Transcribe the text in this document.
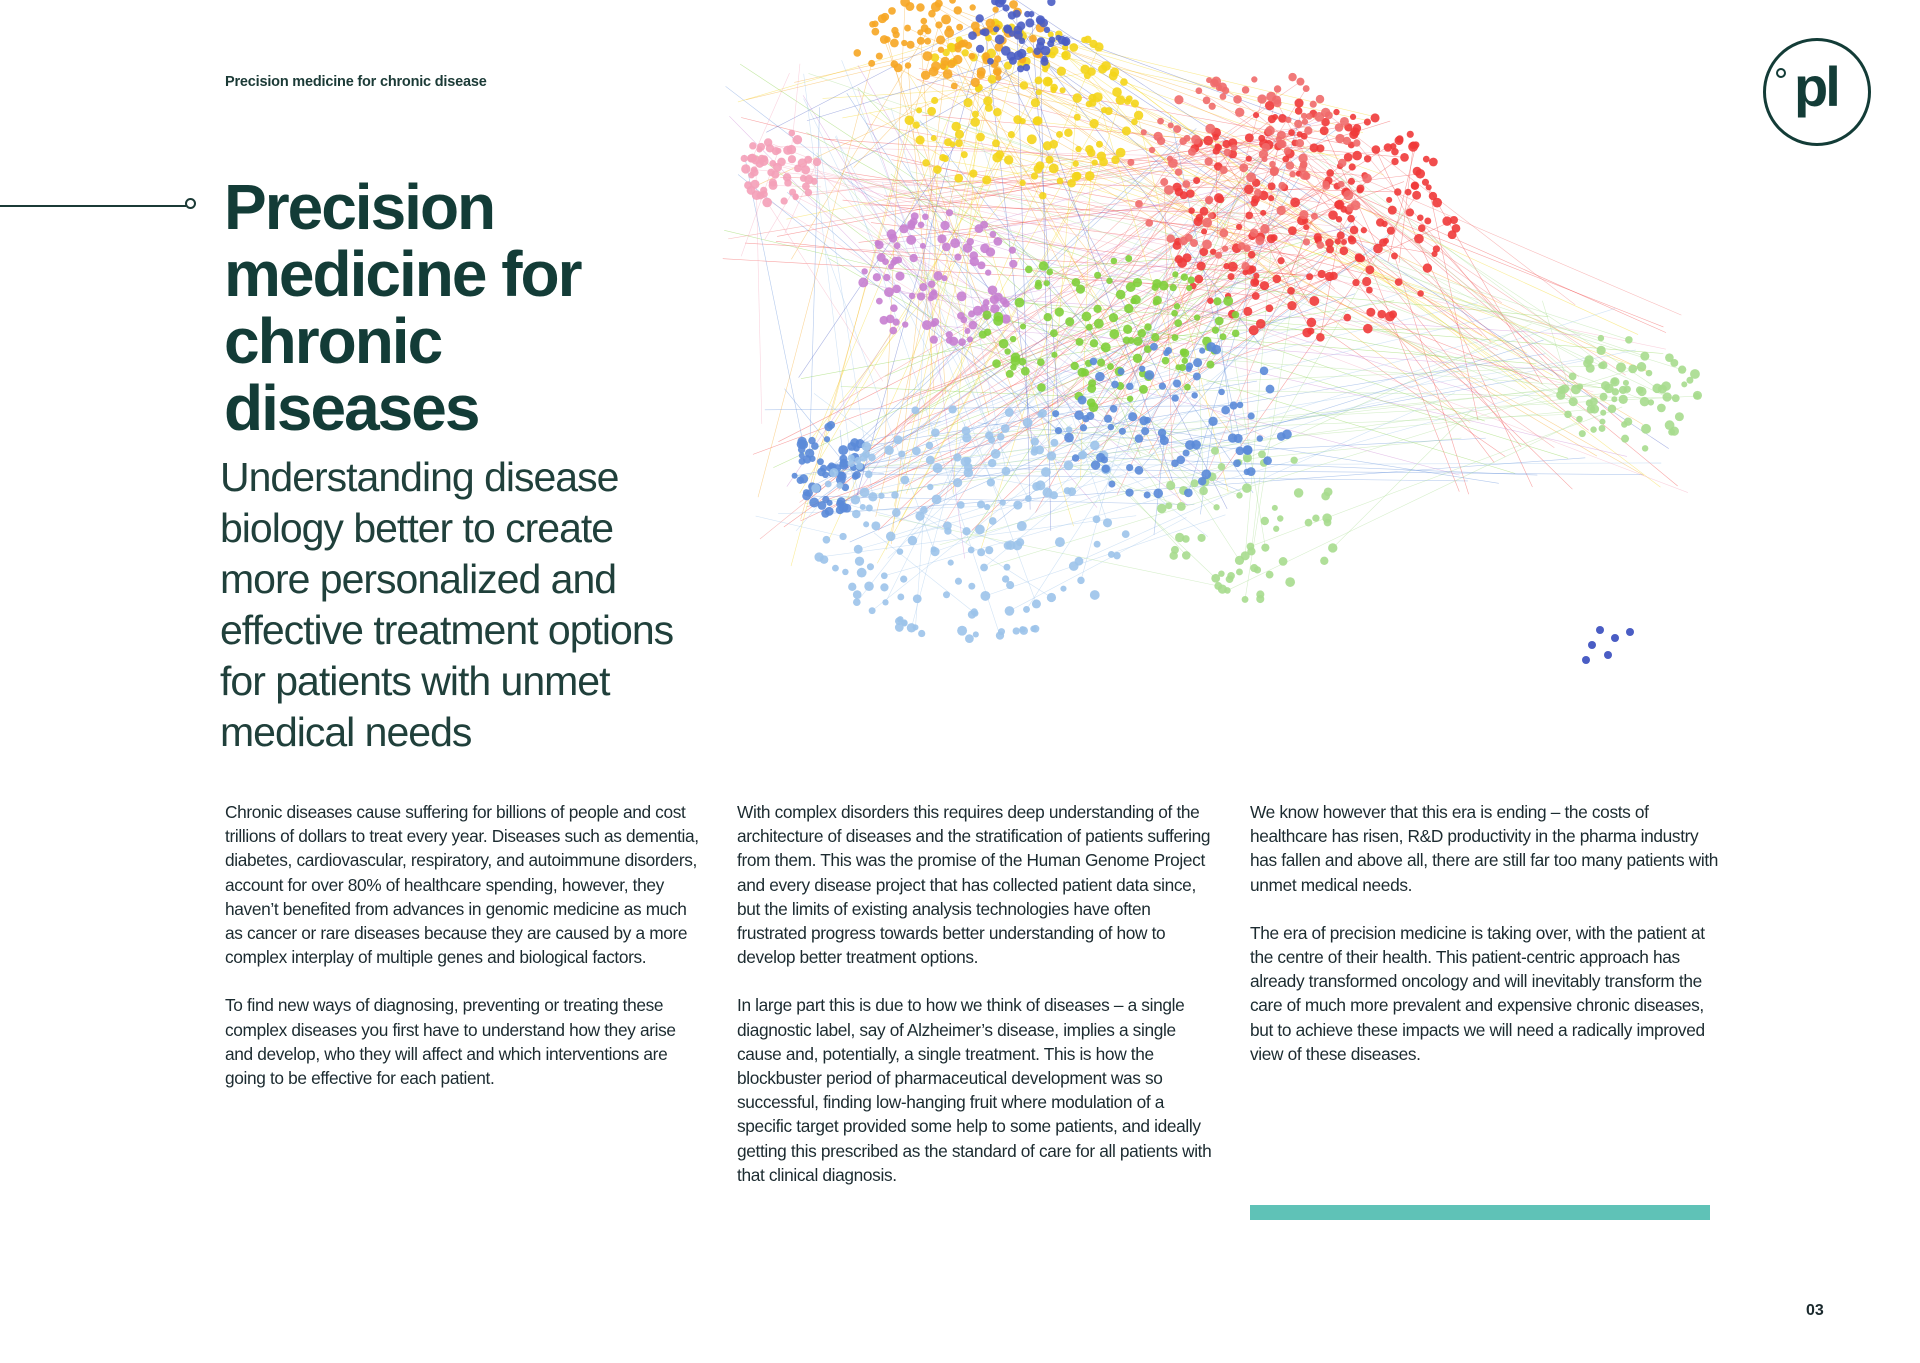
Precision medicine for chronic disease	pl
Precision medicine for chronic diseases
Understanding disease biology better to create more personalized and effective treatment options for patients with unmet medical needs

Chronic diseases cause suffering for billions of people and cost trillions of dollars to treat every year. Diseases such as dementia, diabetes, cardiovascular, respiratory, and autoimmune disorders, account for over 80% of healthcare spending, however, they haven’t benefited from advances in genomic medicine as much as cancer or rare diseases because they are caused by a more complex interplay of multiple genes and biological factors.

To find new ways of diagnosing, preventing or treating these complex diseases you first have to understand how they arise and develop, who they will affect and which interventions are going to be effective for each patient.

With complex disorders this requires deep understanding of the architecture of diseases and the stratification of patients suffering from them. This was the promise of the Human Genome Project and every disease project that has collected patient data since, but the limits of existing analysis technologies have often frustrated progress towards better understanding of how to develop better treatment options.

In large part this is due to how we think of diseases – a single diagnostic label, say of Alzheimer’s disease, implies a single cause and, potentially, a single treatment. This is how the blockbuster period of pharmaceutical development was so successful, finding low-hanging fruit where modulation of a specific target provided some help to some patients, and ideally getting this prescribed as the standard of care for all patients with that clinical diagnosis.

We know however that this era is ending – the costs of healthcare has risen, R&D productivity in the pharma industry has fallen and above all, there are still far too many patients with unmet medical needs.

The era of precision medicine is taking over, with the patient at the centre of their health. This patient-centric approach has already transformed oncology and will inevitably transform the care of much more prevalent and expensive chronic diseases, but to achieve these impacts we will need a radically improved view of these diseases.

03
